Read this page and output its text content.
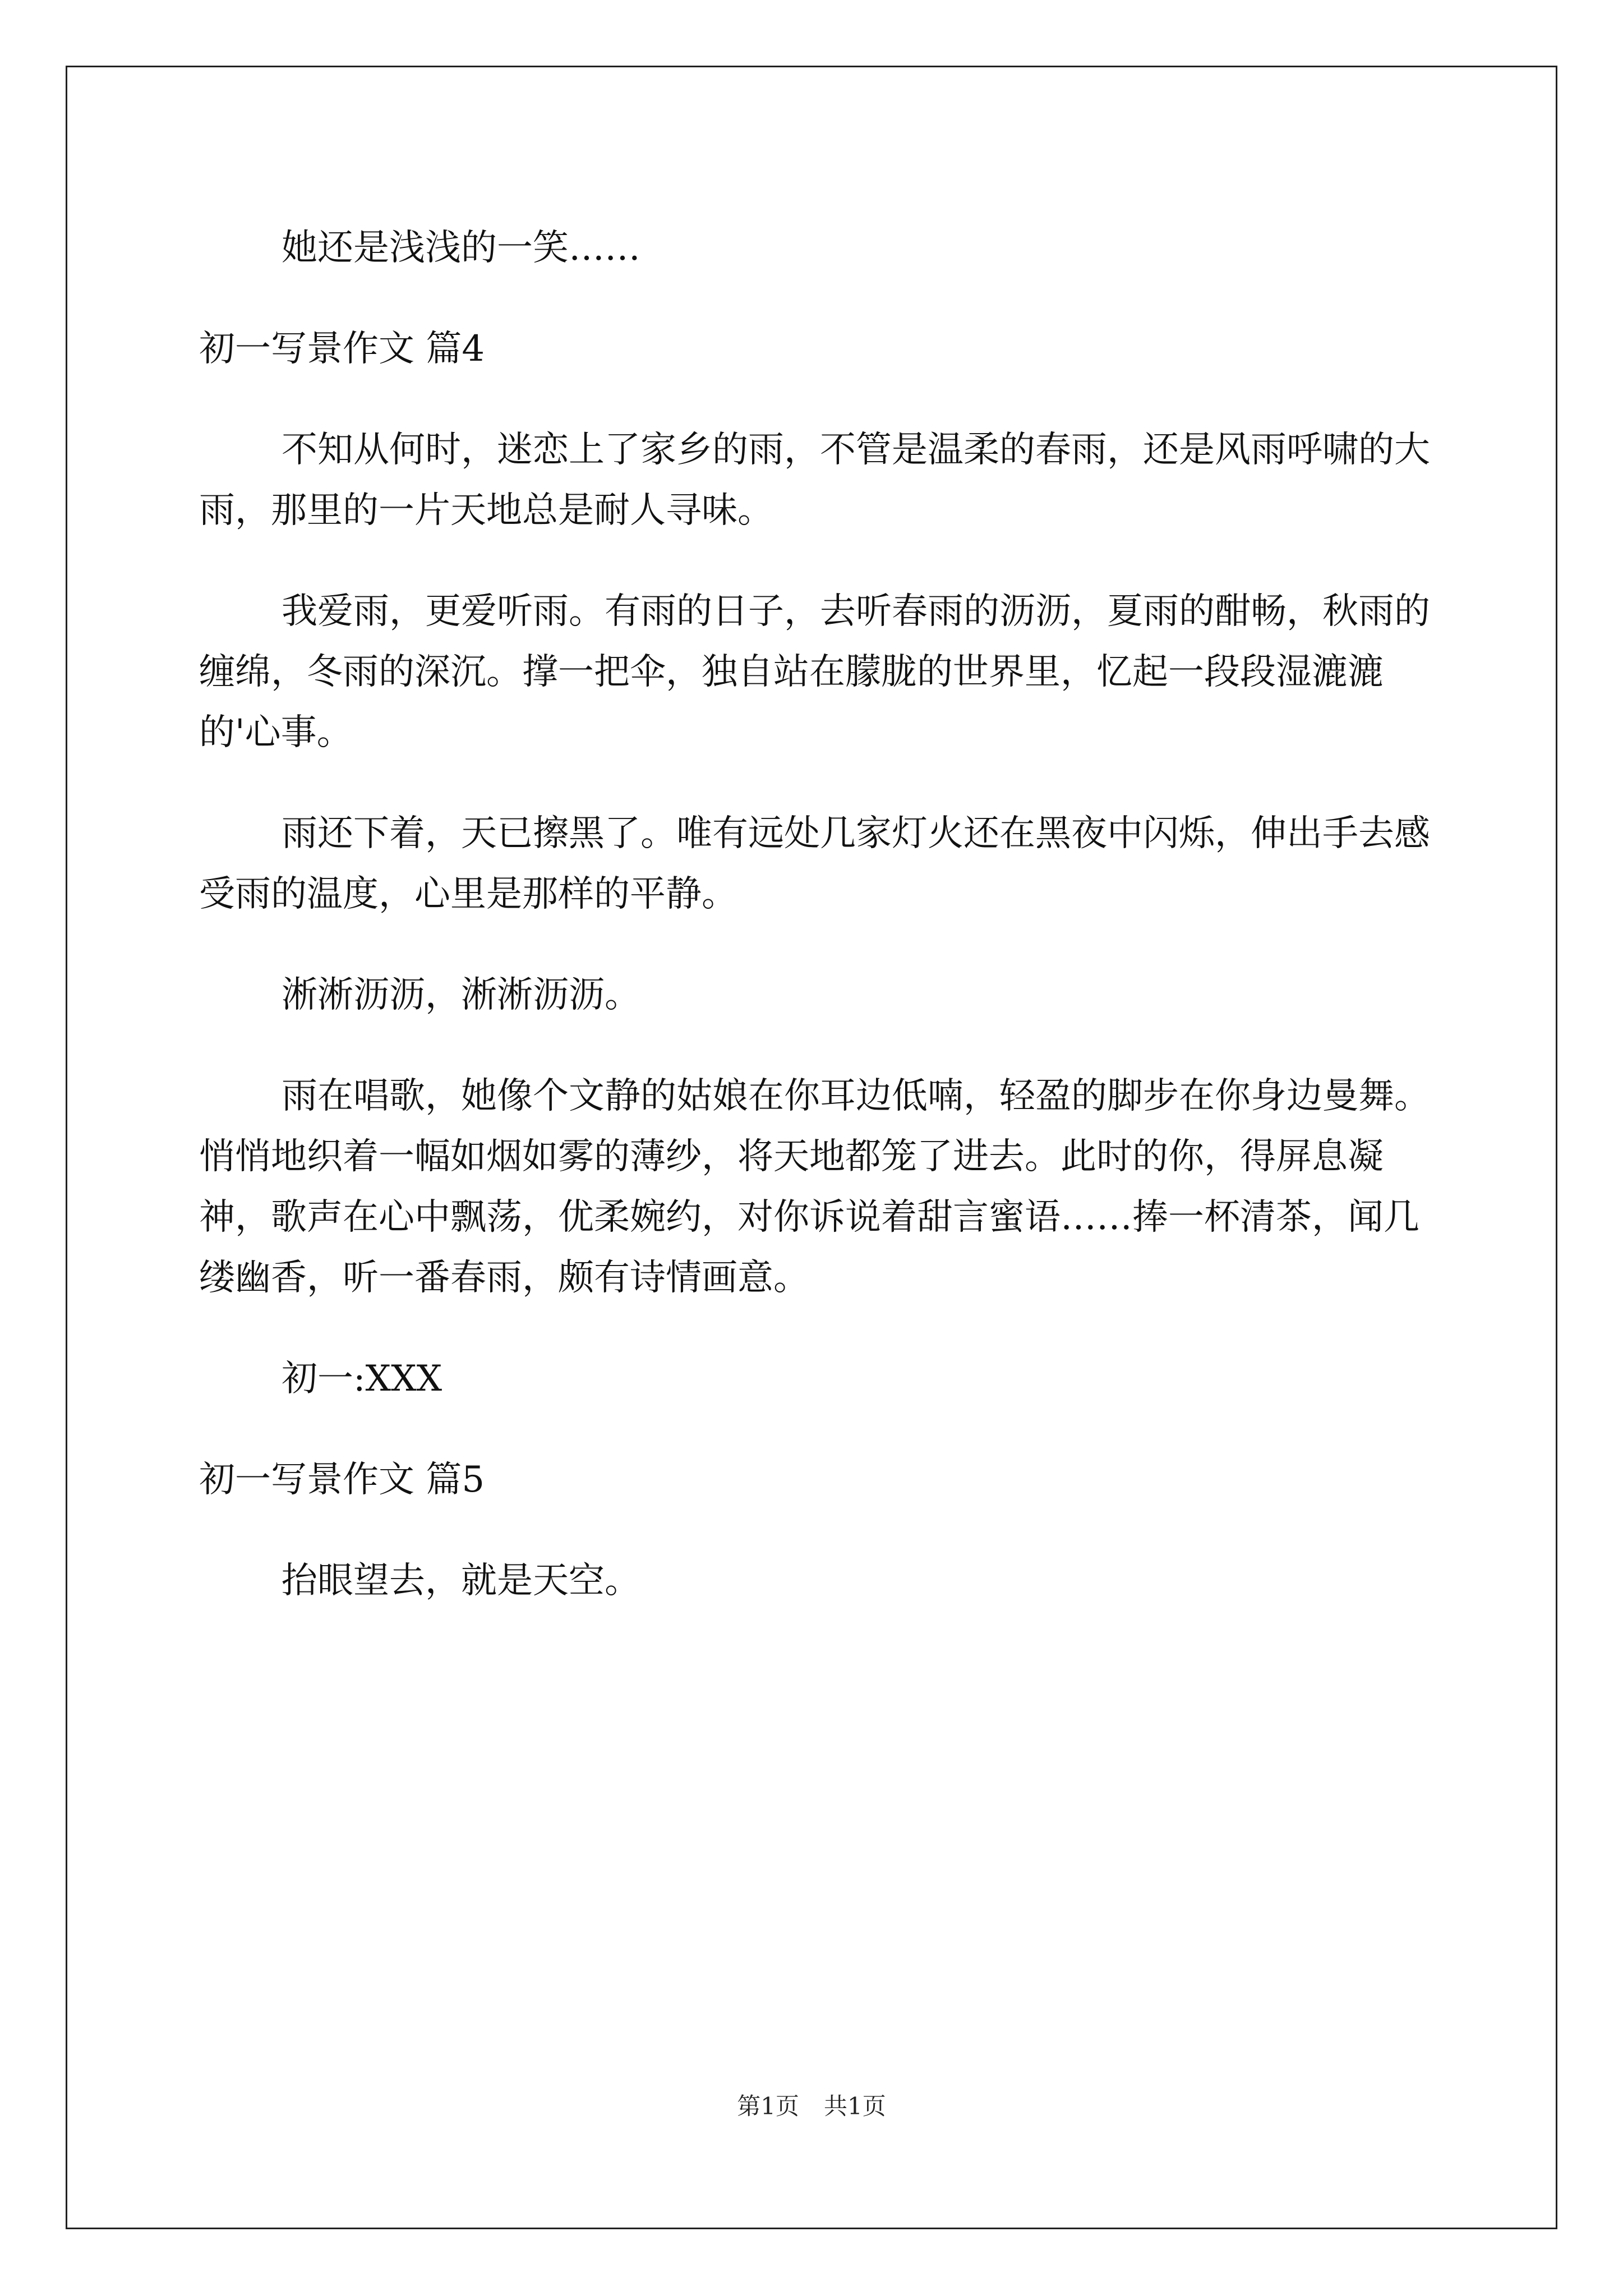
她还是浅浅的一笑……

初一写景作文 篇4

不知从何时，迷恋上了家乡的雨，不管是温柔的春雨，还是风雨呼啸的大雨，那里的一片天地总是耐人寻味。

我爱雨，更爱听雨。有雨的日子，去听春雨的沥沥，夏雨的酣畅，秋雨的缠绵，冬雨的深沉。撑一把伞，独自站在朦胧的世界里，忆起一段段湿漉漉的'心事。

雨还下着，天已擦黑了。唯有远处几家灯火还在黑夜中闪烁，伸出手去感受雨的温度，心里是那样的平静。

淅淅沥沥，淅淅沥沥。

雨在唱歌，她像个文静的姑娘在你耳边低喃，轻盈的脚步在你身边曼舞。悄悄地织着一幅如烟如雾的薄纱，将天地都笼了进去。此时的你，得屏息凝神，歌声在心中飘荡，优柔婉约，对你诉说着甜言蜜语……捧一杯清茶，闻几缕幽香，听一番春雨，颇有诗情画意。

初一:XXX

初一写景作文 篇5

抬眼望去，就是天空。

第1页 共1页
